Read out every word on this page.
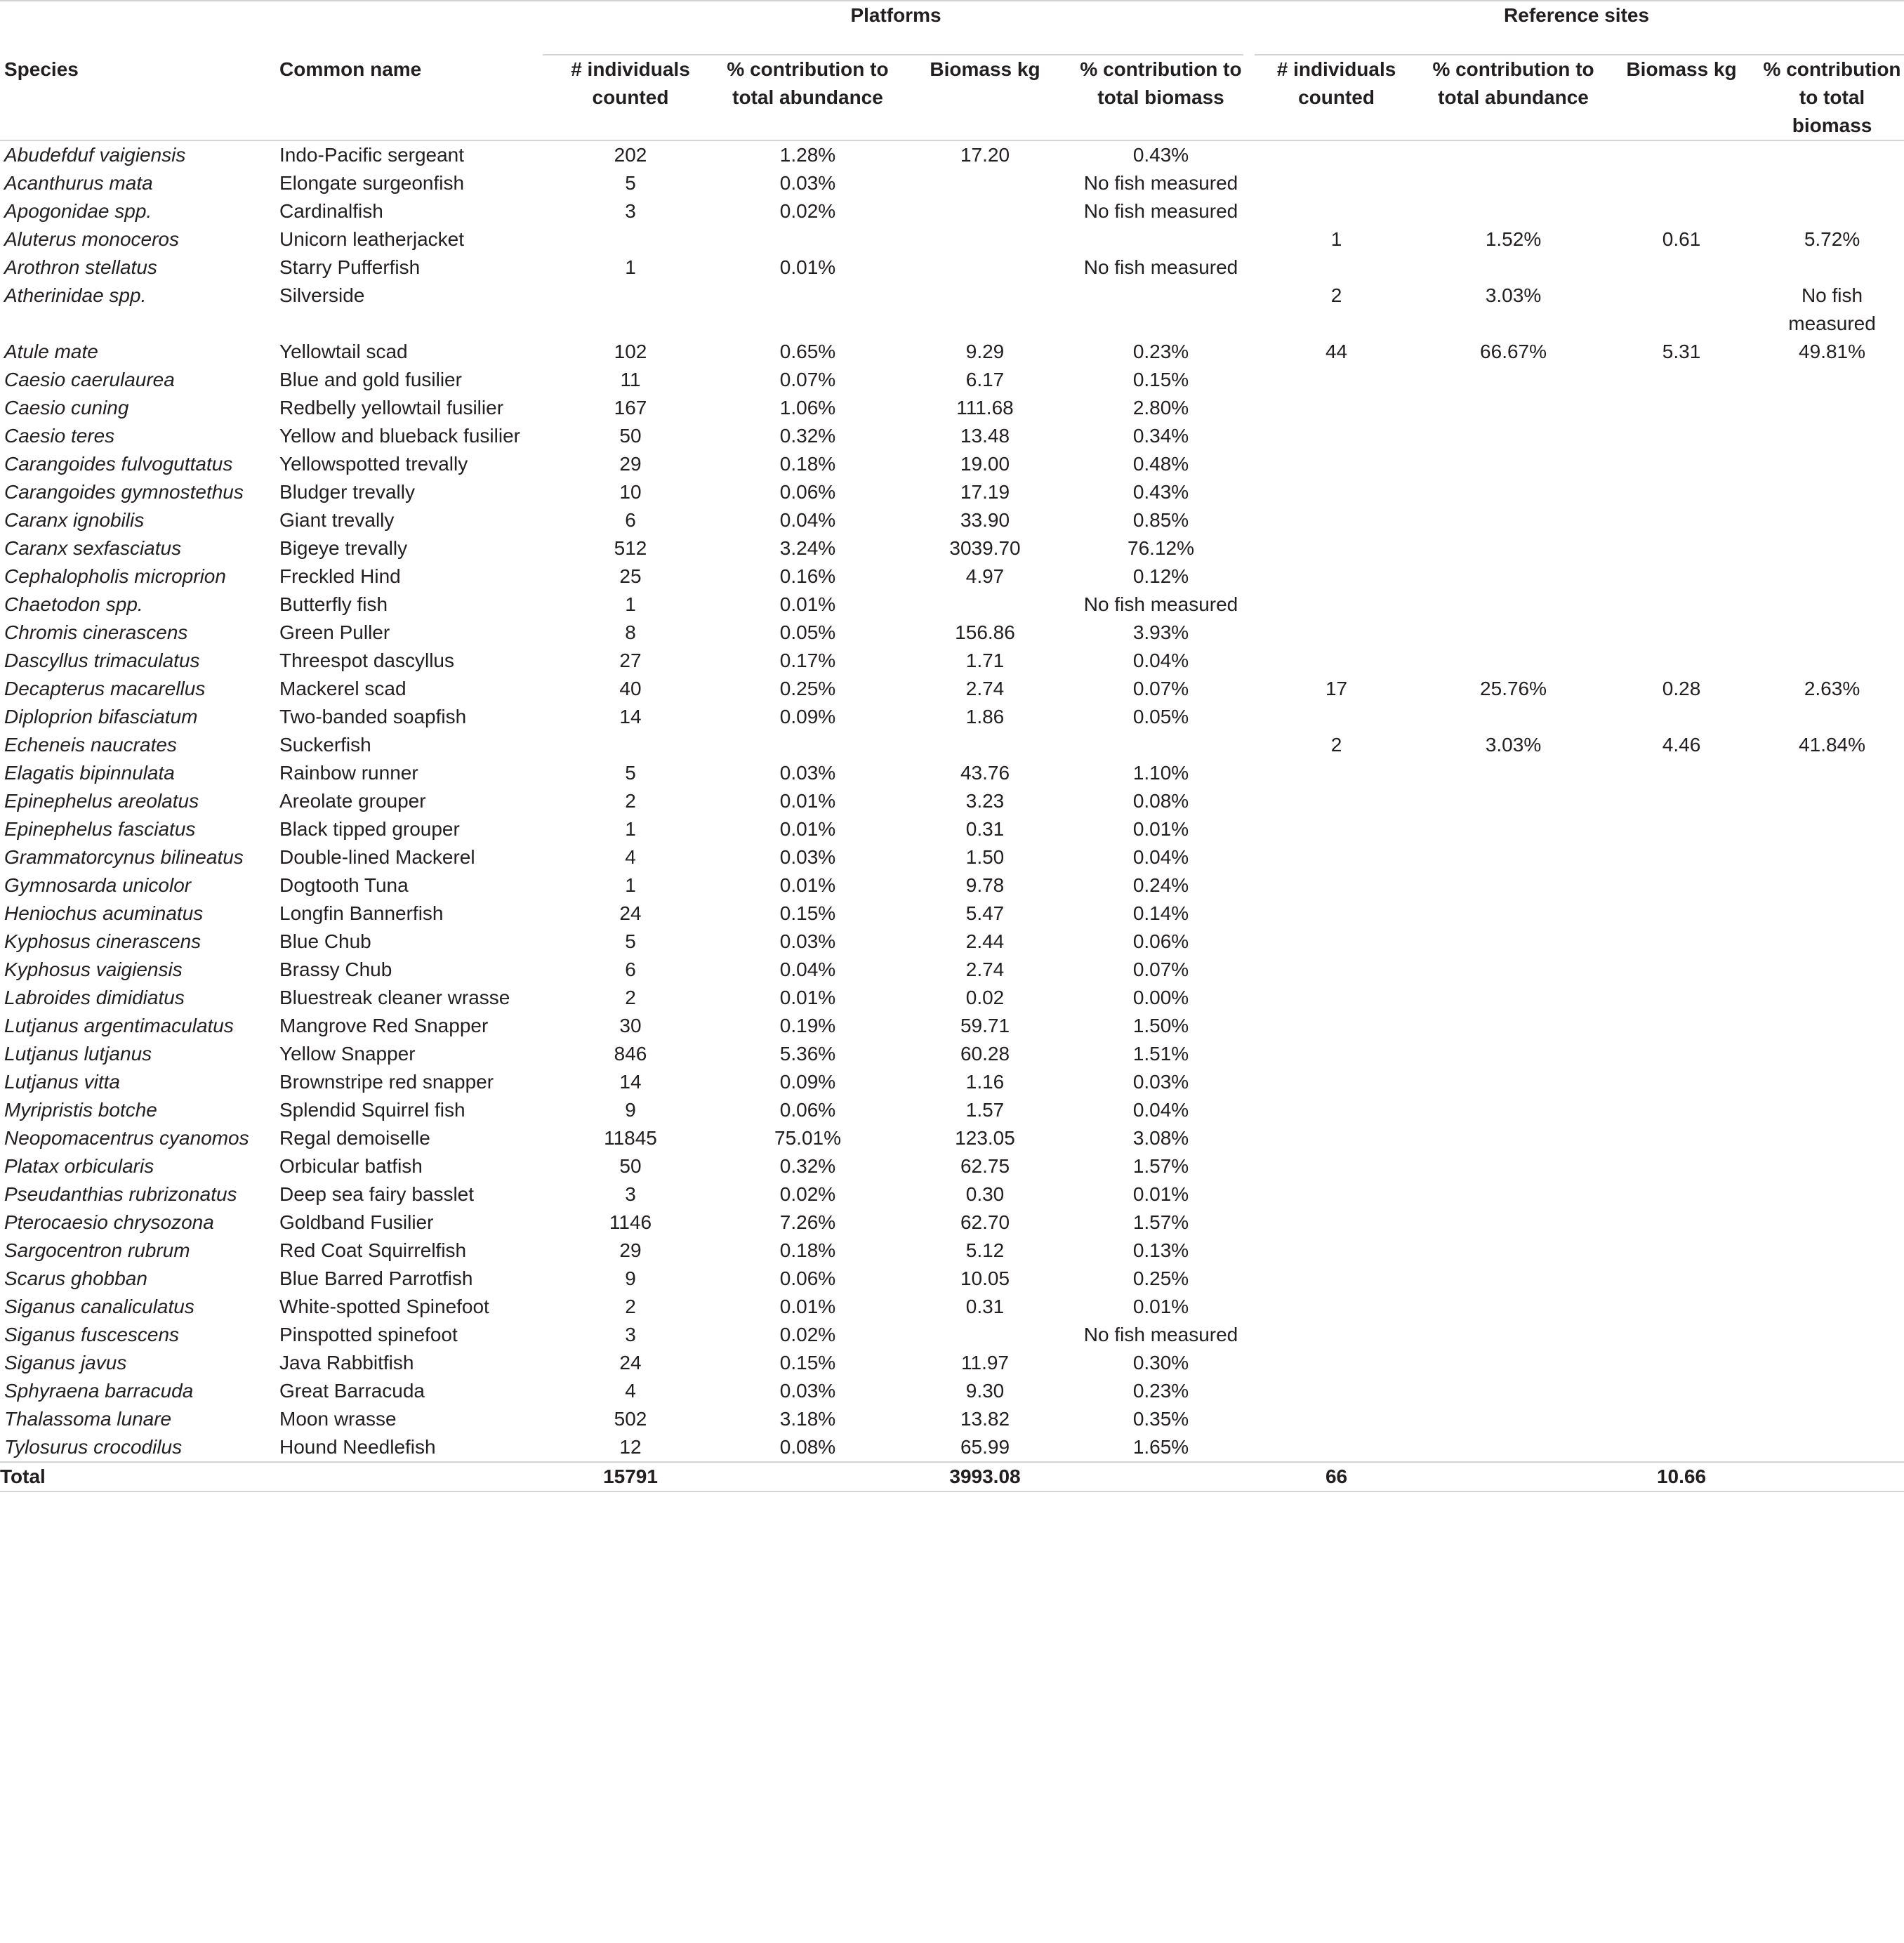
		Platforms				Reference sites			
Species	Common name	# individuals counted	% contribution to total abundance	Biomass kg	% contribution to total biomass	# individuals counted	% contribution to total abundance	Biomass kg	% contribution to total biomass
Abudefduf vaigiensis	Indo-Pacific sergeant	202	1.28%	17.20	0.43%				
Acanthurus mata	Elongate surgeonfish	5	0.03%		No fish measured				
Apogonidae spp.	Cardinalfish	3	0.02%		No fish measured				
Aluterus monoceros	Unicorn leatherjacket					1	1.52%	0.61	5.72%
Arothron stellatus	Starry Pufferfish	1	0.01%		No fish measured				
Atherinidae spp.	Silverside					2	3.03%		No fish measured
Atule mate	Yellowtail scad	102	0.65%	9.29	0.23%	44	66.67%	5.31	49.81%
Caesio caerulaurea	Blue and gold fusilier	11	0.07%	6.17	0.15%				
Caesio cuning	Redbelly yellowtail fusilier	167	1.06%	111.68	2.80%				
Caesio teres	Yellow and blueback fusilier	50	0.32%	13.48	0.34%				
Carangoides fulvoguttatus	Yellowspotted trevally	29	0.18%	19.00	0.48%				
Carangoides gymnostethus	Bludger trevally	10	0.06%	17.19	0.43%				
Caranx ignobilis	Giant trevally	6	0.04%	33.90	0.85%				
Caranx sexfasciatus	Bigeye trevally	512	3.24%	3039.70	76.12%				
Cephalopholis microprion	Freckled Hind	25	0.16%	4.97	0.12%				
Chaetodon spp.	Butterfly fish	1	0.01%		No fish measured				
Chromis cinerascens	Green Puller	8	0.05%	156.86	3.93%				
Dascyllus trimaculatus	Threespot dascyllus	27	0.17%	1.71	0.04%				
Decapterus macarellus	Mackerel scad	40	0.25%	2.74	0.07%	17	25.76%	0.28	2.63%
Diploprion bifasciatum	Two-banded soapfish	14	0.09%	1.86	0.05%				
Echeneis naucrates	Suckerfish					2	3.03%	4.46	41.84%
Elagatis bipinnulata	Rainbow runner	5	0.03%	43.76	1.10%				
Epinephelus areolatus	Areolate grouper	2	0.01%	3.23	0.08%				
Epinephelus fasciatus	Black tipped grouper	1	0.01%	0.31	0.01%				
Grammatorcynus bilineatus	Double-lined Mackerel	4	0.03%	1.50	0.04%				
Gymnosarda unicolor	Dogtooth Tuna	1	0.01%	9.78	0.24%				
Heniochus acuminatus	Longfin Bannerfish	24	0.15%	5.47	0.14%				
Kyphosus cinerascens	Blue Chub	5	0.03%	2.44	0.06%				
Kyphosus vaigiensis	Brassy Chub	6	0.04%	2.74	0.07%				
Labroides dimidiatus	Bluestreak cleaner wrasse	2	0.01%	0.02	0.00%				
Lutjanus argentimaculatus	Mangrove Red Snapper	30	0.19%	59.71	1.50%				
Lutjanus lutjanus	Yellow Snapper	846	5.36%	60.28	1.51%				
Lutjanus vitta	Brownstripe red snapper	14	0.09%	1.16	0.03%				
Myripristis botche	Splendid Squirrel fish	9	0.06%	1.57	0.04%				
Neopomacentrus cyanomos	Regal demoiselle	11845	75.01%	123.05	3.08%				
Platax orbicularis	Orbicular batfish	50	0.32%	62.75	1.57%				
Pseudanthias rubrizonatus	Deep sea fairy basslet	3	0.02%	0.30	0.01%				
Pterocaesio chrysozona	Goldband Fusilier	1146	7.26%	62.70	1.57%				
Sargocentron rubrum	Red Coat Squirrelfish	29	0.18%	5.12	0.13%				
Scarus ghobban	Blue Barred Parrotfish	9	0.06%	10.05	0.25%				
Siganus canaliculatus	White-spotted Spinefoot	2	0.01%	0.31	0.01%				
Siganus fuscescens	Pinspotted spinefoot	3	0.02%		No fish measured				
Siganus javus	Java Rabbitfish	24	0.15%	11.97	0.30%				
Sphyraena barracuda	Great Barracuda	4	0.03%	9.30	0.23%				
Thalassoma lunare	Moon wrasse	502	3.18%	13.82	0.35%				
Tylosurus crocodilus	Hound Needlefish	12	0.08%	65.99	1.65%				
Total		15791		3993.08		66		10.66	
